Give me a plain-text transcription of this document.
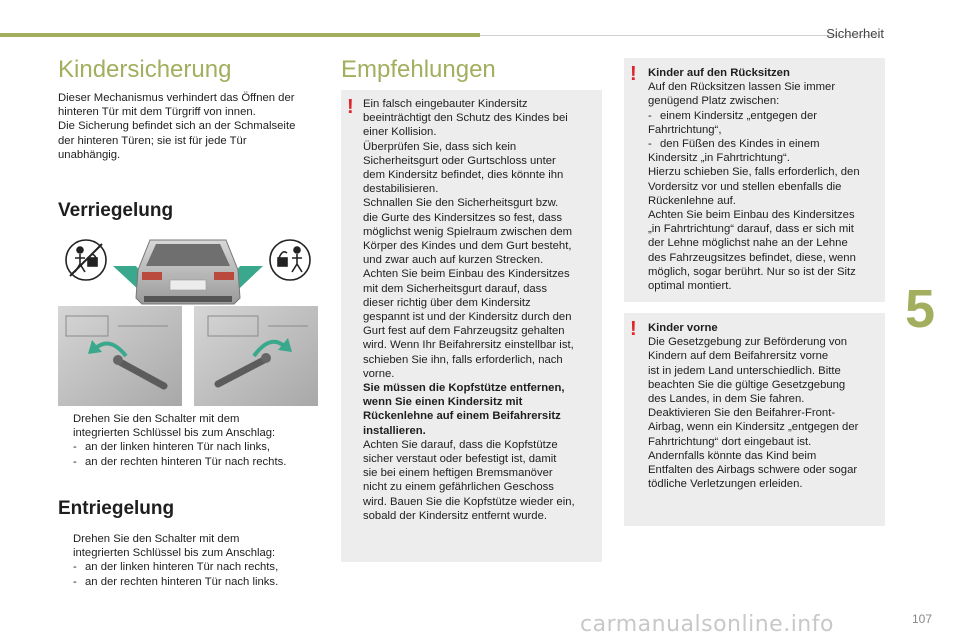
Sicherheit
5
Kindersicherung
Dieser Mechanismus verhindert das Öffnen der
hinteren Tür mit dem Türgriff von innen.
Die Sicherung befindet sich an der Schmalseite
der hinteren Türen; sie ist für jede Tür
unabhängig.
Verriegelung
Drehen Sie den Schalter mit dem
integrierten Schlüssel bis zum Anschlag:
- an der linken hinteren Tür nach links,
- an der rechten hinteren Tür nach rechts.
Entriegelung
Drehen Sie den Schalter mit dem
integrierten Schlüssel bis zum Anschlag:
- an der linken hinteren Tür nach rechts,
- an der rechten hinteren Tür nach links.
Empfehlungen
! Ein falsch eingebauter Kindersitz
beeinträchtigt den Schutz des Kindes bei
einer Kollision.
Überprüfen Sie, dass sich kein
Sicherheitsgurt oder Gurtschloss unter
dem Kindersitz befindet, dies könnte ihn
destabilisieren.
Schnallen Sie den Sicherheitsgurt bzw.
die Gurte des Kindersitzes so fest, dass
möglichst wenig Spielraum zwischen dem
Körper des Kindes und dem Gurt besteht,
und zwar auch auf kurzen Strecken.
Achten Sie beim Einbau des Kindersitzes
mit dem Sicherheitsgurt darauf, dass
dieser richtig über dem Kindersitz
gespannt ist und der Kindersitz durch den
Gurt fest auf dem Fahrzeugsitz gehalten
wird. Wenn Ihr Beifahrersitz einstellbar ist,
schieben Sie ihn, falls erforderlich, nach
vorne.
Sie müssen die Kopfstütze entfernen,
wenn Sie einen Kindersitz mit
Rückenlehne auf einem Beifahrersitz
installieren.
Achten Sie darauf, dass die Kopfstütze
sicher verstaut oder befestigt ist, damit
sie bei einem heftigen Bremsmanöver
nicht zu einem gefährlichen Geschoss
wird. Bauen Sie die Kopfstütze wieder ein,
sobald der Kindersitz entfernt wurde.
! Kinder auf den Rücksitzen
Auf den Rücksitzen lassen Sie immer
genügend Platz zwischen:
- einem Kindersitz „entgegen der
Fahrtrichtung“,
- den Füßen des Kindes in einem
Kindersitz „in Fahrtrichtung“.
Hierzu schieben Sie, falls erforderlich, den
Vordersitz vor und stellen ebenfalls die
Rückenlehne auf.
Achten Sie beim Einbau des Kindersitzes
„in Fahrtrichtung“ darauf, dass er sich mit
der Lehne möglichst nahe an der Lehne
des Fahrzeugsitzes befindet, diese, wenn
möglich, sogar berührt. Nur so ist der Sitz
optimal montiert.
! Kinder vorne
Die Gesetzgebung zur Beförderung von
Kindern auf dem Beifahrersitz vorne
ist in jedem Land unterschiedlich. Bitte
beachten Sie die gültige Gesetzgebung
des Landes, in dem Sie fahren.
Deaktivieren Sie den Beifahrer-Front-
Airbag, wenn ein Kindersitz „entgegen der
Fahrtrichtung“ dort eingebaut ist.
Andernfalls könnte das Kind beim
Entfalten des Airbags schwere oder sogar
tödliche Verletzungen erleiden.
carmanualsonline.info	107
